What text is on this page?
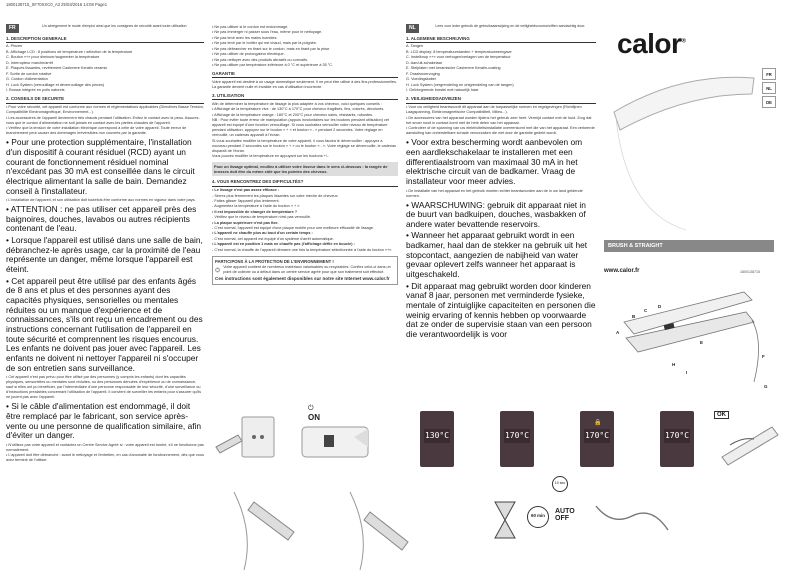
1800138715_SF70XXC0_A3 25/03/2016 14:08 Page1
FR	Un abrégement le mode d'emploi ainsi que les consignes de sécurité avant toute utilisation
1. DESCRIPTION GENERALE

A. Pinces

B. Affichage LCD : 8 positions de température • sélection de la température

C. Bouton «+» pour diminuer/augmenter la température

D. Interrupteur marche/arrêt

E. Plaques lissantes, revêtement Cashmere Keratin ceramic

F. Sortie de cordon rotative

G. Cordon d'alimentation

H. Lock System (verrouillage et déverrouillage des pinces)

I. Brosse intégrée en poils naturels

2. CONSEILS DE SECURITE

• Pour votre sécurité, cet appareil est conforme aux normes et réglementations applicables (Directives Basse Tension, Compatibilité Electromagnétique, Environnement...).

• Les accessoires de l'appareil deviennent très chauds pendant l'utilisation. Evitez le contact avec la peau. Assurez-vous que le cordon d'alimentation ne soit jamais en contact avec les parties chaudes de l'appareil.

• Vérifiez que la tension de votre installation électrique correspond à celle de votre appareil. Toute erreur de branchement peut causer des dommages irréversibles non couverts par la garantie.

• Pour une protection supplémentaire, l'installation d'un dispositif à courant résiduel (RCD) ayant un courant de fonctionnement résiduel nominal n'excédant pas 30 mA est conseillée dans le circuit électrique alimentant la salle de bain. Demandez conseil à l'installateur.

• L'installation de l'appareil, et son utilisation doit toutefois être conforme aux normes en vigueur dans votre pays.

• ATTENTION : ne pas utiliser cet appareil près des baignoires, douches, lavabos ou autres récipients contenant de l'eau.
• Lorsque l'appareil est utilisé dans une salle de bain, débranchez-le après usage, car la proximité de l'eau représente un danger, même lorsque l'appareil est éteint.
• Cet appareil peut être utilisé par des enfants âgés de 8 ans et plus et des personnes ayant des capacités physiques, sensorielles ou mentales réduites ou un manque d'expérience et de connaissances, s'ils ont reçu un encadrement ou des instructions concernant l'utilisation de l'appareil en toute sécurité et comprennent les risques encourus. Les enfants ne doivent pas jouer avec l'appareil. Les enfants ne doivent ni nettoyer l'appareil ni s'occuper de son entretien sans surveillance.

• Cet appareil n'est pas prévu pour être utilisé par des personnes (y compris les enfants) dont les capacités physiques, sensorielles ou mentales sont réduites, ou des personnes dénuées d'expérience ou de connaissance, sauf si elles ont pu bénéficier, par l'intermédiaire d'une personne responsable de leur sécurité, d'une surveillance ou d'instructions préalables concernant l'utilisation de l'appareil. Il convient de surveiller les enfants pour s'assurer qu'ils ne jouent pas avec l'appareil.

• Si le câble d'alimentation est endommagé, il doit être remplacé par le fabricant, son service après-vente ou une personne de qualification similaire, afin d'éviter un danger.

• N'utilisez pas votre appareil et contactez un Centre Service Agréé si : votre appareil est tombé, s'il ne fonctionne pas normalement.

• L'appareil doit être débranché : avant le nettoyage et l'entretien, en cas d'anomalie de fonctionnement, dès que vous avez terminé de l'utiliser.

• Ne pas utiliser si le cordon est endommagé.

• Ne pas immerger ni passer sous l'eau, même pour le nettoyage.

• Ne pas tenir avec les mains humides.

• Ne pas tenir par le boîtier qui est chaud, mais par la poignée.

• Ne pas débrancher en tirant sur le cordon, mais en tirant par la prise.

• Ne pas utiliser de prolongateur électrique.

• Ne pas nettoyer avec des produits abrasifs ou corrosifs.

• Ne pas utiliser par température inférieure à 0 °C et supérieure à 35 °C.

GARANTIE

Votre appareil est destiné à un usage domestique seulement. Il ne peut être utilisé à des fins professionnelles. La garantie devient nulle et invalide en cas d'utilisation incorrecte.

3. UTILISATION

Afin de déterminer la température de lissage la plus adaptée à vos cheveux, voici quelques conseils :

• Affichage de la température vive : de 130°C à 170°C pour cheveux fragilisés, fins, colorés, décolorés.

• Affichage de la température orange : 180°C et 200°C pour cheveux sains, résistants, robustes.

NB : Pour éviter toute erreur de manipulation (appuis involontaires sur les boutons pendant utilisation) cet appareil est équipé d'une fonction verrouillage. Si vous souhaitez verrouiller votre niveau de température pendant utilisation, appuyez sur le bouton « + » et bouton « - » pendant 2 secondes. Votre réglage en verrouillé, un cadenas apparaît à l'écran.

Si vous souhaitez modifier la température de votre appareil, il vous faudra le déverrouiller : appuyez à nouveau pendant 2 secondes sur le bouton « + » ou le bouton « - ». Votre réglage se déverrouille, le cadenas disparaît de l'écran.

Vous pouvez modifier la température en appuyant sur les boutons +/-.

Pour un lissage optimal, veuillez à utiliser votre lisseur dans le sens ci-dessous : la rangée de brosses doit être du même côté que les pointes des cheveux.
4. VOUS RENCONTREZ DES DIFFICULTÉS?

• Le lissage n'est pas assez efficace :

- Serrez plus fermement les plaques lissantes sur votre mèche de cheveux.

- Faites glisser l'appareil plus lentement.

- Augmentez la température à l'aide du bouton « + ».

• Il est impossible de changer de température ?

- Vérifiez que le niveau de température n'est pas verrouillé.

• La plaque supérieure n'est pas fixe.

- C'est normal, l'appareil est équipé d'une plaque mobile pour une meilleure efficacité de lissage.

• L'appareil ne chauffe plus au bout d'un certain temps :

- C'est normal, cet appareil est équipé d'un système d'arrêt automatique.

• L'appareil est en position 1 mais ne chauffe pas (l'affichage défile en boucle) :

- C'est normal, la chauffe de l'appareil démarre une fois la température sélectionnée à l'aide du bouton «+».

PARTICIPONS À LA PROTECTION DE L'ENVIRONNEMENT !
Votre appareil contient de nombreux matériaux valorisables ou recyclables. Confiez celui-ci dans un point de collecte ou à défaut dans un centre service agréé pour que son traitement soit effectué.
Ces instructions sont également disponibles sur notre site Internet www.calor.fr
NL	Lees voor ieder gebruik de gebruiksaanwijzing en de veiligheidsvoorschriften aandachtig door.
1. ALGEMENE BESCHRIJVING

A. Tangen

B. LCD display: 8 temperatuurstanden + temperatuurweergave

C. Instelknop «+» voor verhogen/verlagen van de temperatuur

D. Aan/uit-schakelaar

E. Stelplaten met keramische Cashmere Keratin-coating

F. Draaisnoervoging

G. Voedingskabel

H. Lock System (vergrendeling en ontgrendeling van de tangen)

I. Geïntegreerde borstel met natuurlijk haar

2. VEILIGHEIDSADVIEZEN

• Voor uw veiligheid beantwoordt dit apparaat aan de toepasselijke normen en regelgevingen (Richtlijnen Laagspanning, Elektromagnetische Compatibiliteit, Milieu...).

• De accessoires van het apparaat worden tijdens het gebruik zeer heet. Vermijd contact met de huid. Zorg dat het snoer nooit in contact komt met de hete delen van het apparaat.

• Controleer of de spanning van uw elektriciteitsinstallatie overeenkomt met die van het apparaat. Een verkeerde aansluiting kan onherstelbare schade veroorzaken die niet door de garantie gedekt wordt.

• Voor extra bescherming wordt aanbevolen om een aardlekschakelaar te installeren met een differentiaalstroom van maximaal 30 mA in het elektrische circuit van de badkamer. Vraag de installateur voor meer advies.

• De installatie van het apparaat en het gebruik moeten echter beantwoorden aan de in uw land geldende normen.

• WAARSCHUWING: gebruik dit apparaat niet in de buurt van badkuipen, douches, wasbakken of andere water bevattende reservoirs.
• Wanneer het apparaat gebruikt wordt in een badkamer, haal dan de stekker na gebruik uit het stopcontact, aangezien de nabijheid van water gevaar oplevert zelfs wanneer het apparaat is uitgeschakeld.
• Dit apparaat mag gebruikt worden door kinderen vanaf 8 jaar, personen met verminderde fysieke, mentale of zintuiglijke capaciteiten en personen die weinig ervaring of kennis hebben op voorwaarde dat ze onder de supervisie staan van een persoon die verantwoordelijk is voor
calor®
FR
NL
DE
BRUSH & STRAIGHT
www.calor.fr	1800138715
A
B
C
D
E
F
G
H
I
ON
⏻
130°C	170°C	170°C
🔒
170°C
OK
60 min
AUTO OFF
10 sec
